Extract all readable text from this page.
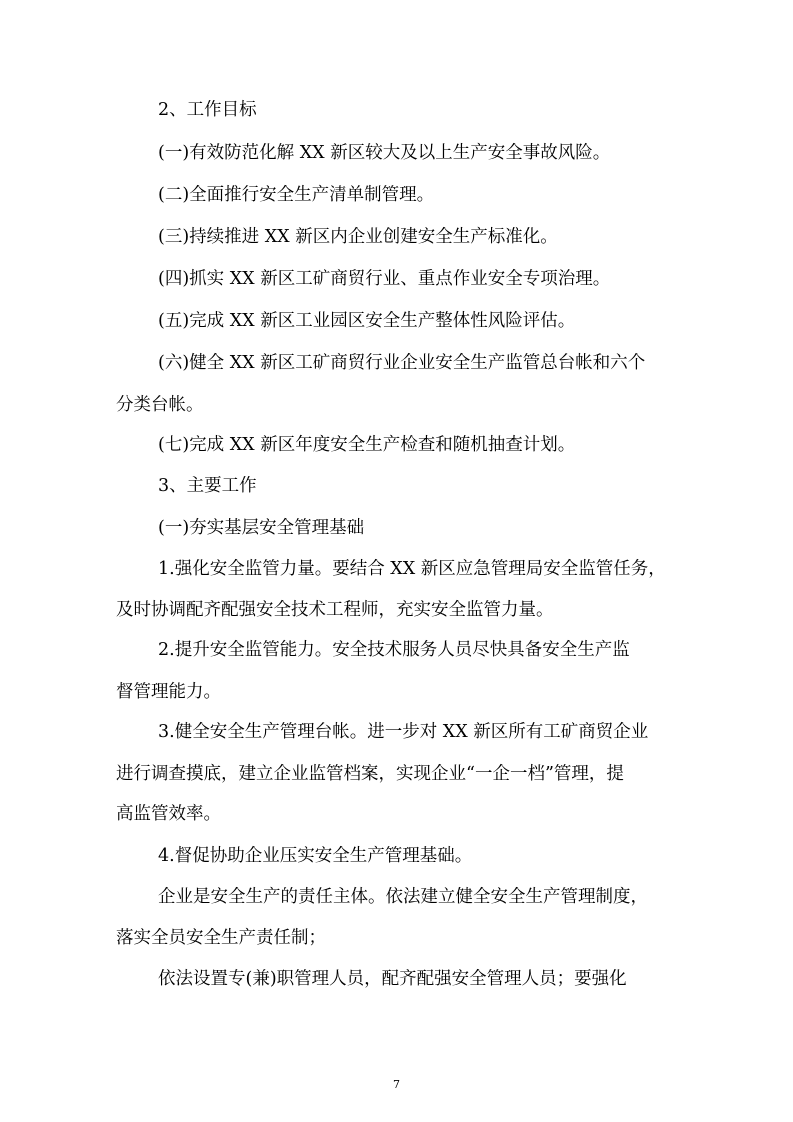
2、工作目标
(一)有效防范化解 XX 新区较大及以上生产安全事故风险。
(二)全面推行安全生产清单制管理。
(三)持续推进 XX 新区内企业创建安全生产标准化。
(四)抓实 XX 新区工矿商贸行业、重点作业安全专项治理。
(五)完成 XX 新区工业园区安全生产整体性风险评估。
(六)健全 XX 新区工矿商贸行业企业安全生产监管总台帐和六个
分类台帐。
(七)完成 XX 新区年度安全生产检查和随机抽查计划。
3、主要工作
(一)夯实基层安全管理基础
1.强化安全监管力量。要结合 XX 新区应急管理局安全监管任务，
及时协调配齐配强安全技术工程师，充实安全监管力量。
2.提升安全监管能力。安全技术服务人员尽快具备安全生产监
督管理能力。
3.健全安全生产管理台帐。进一步对 XX 新区所有工矿商贸企业
进行调查摸底，建立企业监管档案，实现企业“一企一档”管理，提
高监管效率。
4.督促协助企业压实安全生产管理基础。
企业是安全生产的责任主体。依法建立健全安全生产管理制度，
落实全员安全生产责任制；
依法设置专(兼)职管理人员，配齐配强安全管理人员；要强化
7
